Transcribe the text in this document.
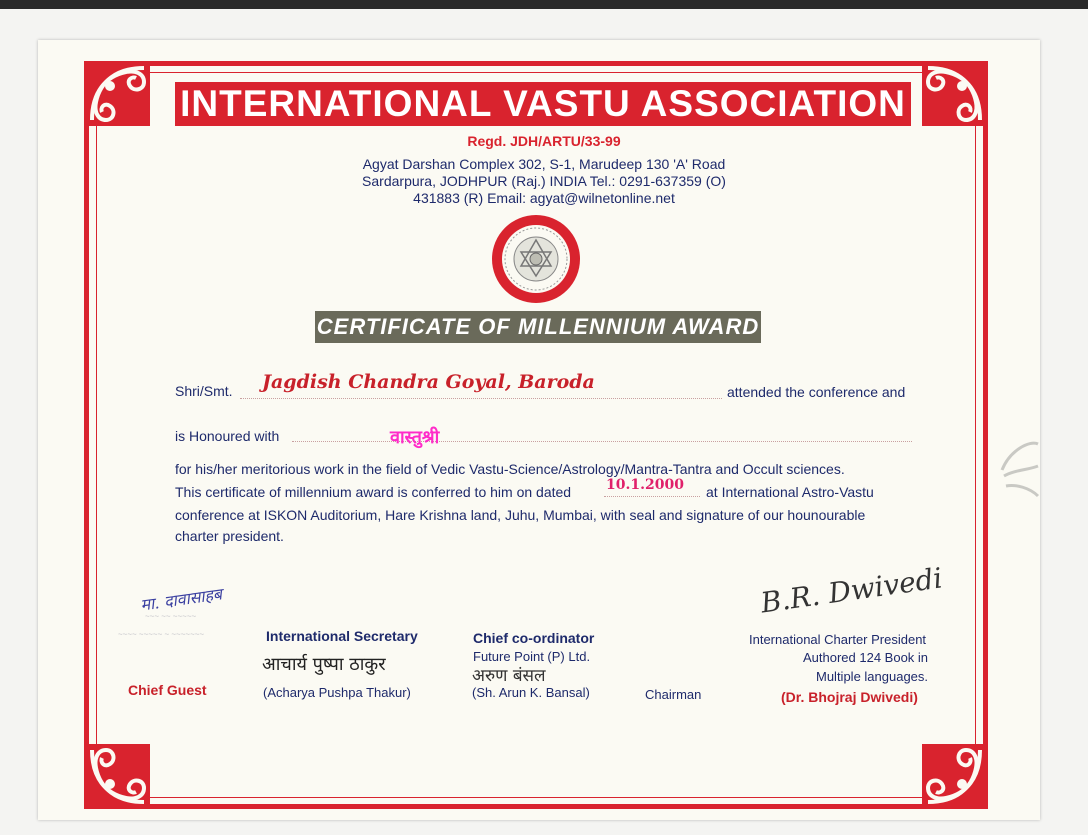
INTERNATIONAL VASTU ASSOCIATION
Regd. JDH/ARTU/33-99
Agyat Darshan Complex 302, S-1, Marudeep 130 'A' Road
Sardarpura, JODHPUR (Raj.) INDIA Tel.: 0291-637359 (O)
431883 (R) Email: agyat@wilnetonline.net
CERTIFICATE OF MILLENNIUM AWARD
Shri/Smt. Jagdish Chandra Goyal, Baroda	attended the conference and
is Honoured with	वास्तुश्री
for his/her meritorious work in the field of Vedic Vastu-Science/Astrology/Mantra-Tantra and Occult sciences.
This certificate of millennium award is conferred to him on dated 10.1.2000 at International Astro-Vastu
conference at ISKON Auditorium, Hare Krishna land, Juhu, Mumbai, with seal and signature of our hounourable
charter president.
मा. दावासाहब
~~~ ~~ ~~~~~
~~~~ ~~~~~ ~ ~~~~~~~
Chief Guest
International Secretary
आचार्य पुष्पा ठाकुर
(Acharya Pushpa Thakur)
Chief co-ordinator
Future Point (P) Ltd.
अरुण बंसल
(Sh. Arun K. Bansal)	Chairman
B.R. Dwivedi
International Charter President
Authored 124 Book in
Multiple languages.
(Dr. Bhojraj Dwivedi)
